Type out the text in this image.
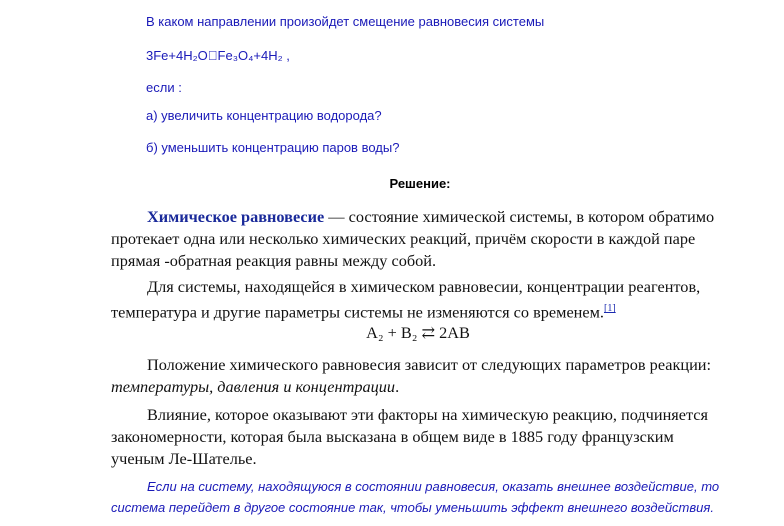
В каком направлении произойдет смещение равновесия системы

3Fe+4H₂O Fe₃O₄+4H₂ ,

если :

а) увеличить концентрацию водорода?

б) уменьшить концентрацию паров воды?

Решение:

Химическое равновесие — состояние химической системы, в котором обратимо протекает одна или несколько химических реакций, причём скорости в каждой паре прямая -обратная реакция равны между собой.

Для системы, находящейся в химическом равновесии, концентрации реагентов, температура и другие параметры системы не изменяются со временем.[1]

A₂ + B₂ ⇄ 2AB

Положение химического равновесия зависит от следующих параметров реакции: температуры, давления и концентрации.

Влияние, которое оказывают эти факторы на химическую реакцию, подчиняется закономерности, которая была высказана в общем виде в 1885 году французским ученым Ле-Шателье.

Если на систему, находящуюся в состоянии равновесия, оказать внешнее воздействие, то система перейдет в другое состояние так, чтобы уменьшить эффект внешнего воздействия.
